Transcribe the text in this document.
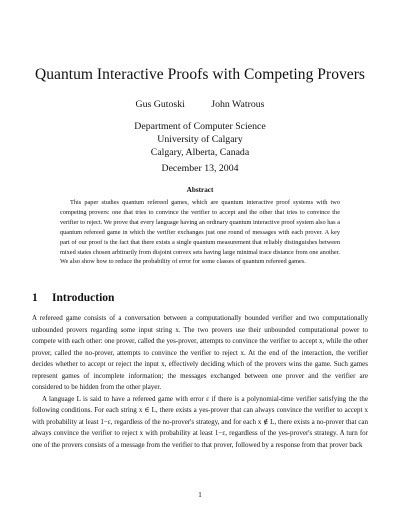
Quantum Interactive Proofs with Competing Provers
Gus Gutoski	John Watrous
Department of Computer Science
University of Calgary
Calgary, Alberta, Canada
December 13, 2004
Abstract

This paper studies quantum refereed games, which are quantum interactive proof systems with two competing provers: one that tries to convince the verifier to accept and the other that tries to convince the verifier to reject. We prove that every language having an ordinary quantum interactive proof system also has a quantum refereed game in which the verifier exchanges just one round of messages with each prover. A key part of our proof is the fact that there exists a single quantum measurement that reliably distinguishes between mixed states chosen arbitrarily from disjoint convex sets having large minimal trace distance from one another. We also show how to reduce the probability of error for some classes of quantum refereed games.

1 Introduction

A refereed game consists of a conversation between a computationally bounded verifier and two computationally unbounded provers regarding some input string x. The two provers use their unbounded computational power to compete with each other: one prover, called the yes-prover, attempts to convince the verifier to accept x, while the other prover, called the no-prover, attempts to convince the verifier to reject x. At the end of the interaction, the verifier decides whether to accept or reject the input x, effectively deciding which of the provers wins the game. Such games represent games of incomplete information; the messages exchanged between one prover and the verifier are considered to be hidden from the other player.

A language L is said to have a refereed game with error ε if there is a polynomial-time verifier satisfying the the following conditions. For each string x ∈ L, there exists a yes-prover that can always convince the verifier to accept x with probability at least 1−ε, regardless of the no-prover's strategy, and for each x ∉ L, there exists a no-prover that can always convince the verifier to reject x with probability at least 1−ε, regardless of the yes-prover's strategy. A turn for one of the provers consists of a message from the verifier to that prover, followed by a response from that prover back

1
